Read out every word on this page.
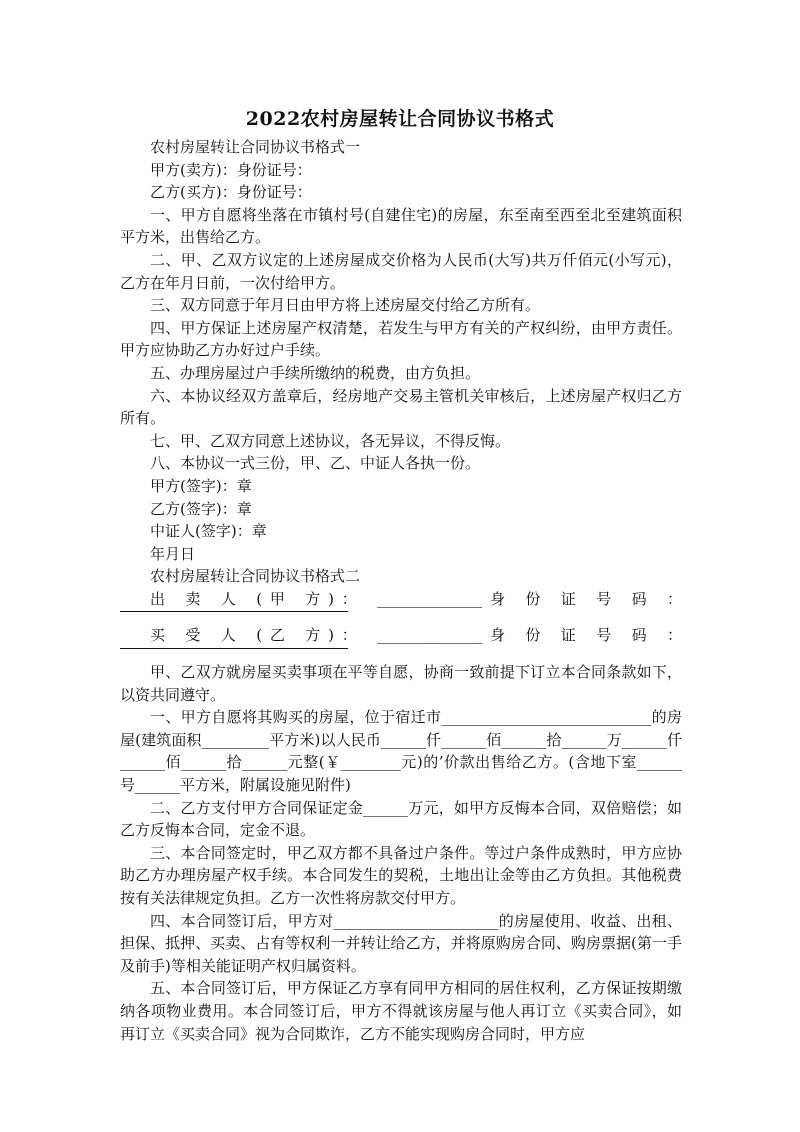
2022农村房屋转让合同协议书格式

农村房屋转让合同协议书格式一

甲方(卖方)：身份证号：

乙方(买方)：身份证号：

一、甲方自愿将坐落在市镇村号(自建住宅)的房屋，东至南至西至北至建筑面积平方米，出售给乙方。

二、甲、乙双方议定的上述房屋成交价格为人民币(大写)共万仟佰元(小写元)，乙方在年月日前，一次付给甲方。

三、双方同意于年月日由甲方将上述房屋交付给乙方所有。

四、甲方保证上述房屋产权清楚，若发生与甲方有关的产权纠纷，由甲方责任。甲方应协助乙方办好过户手续。

五、办理房屋过户手续所缴纳的税费，由方负担。

六、本协议经双方盖章后，经房地产交易主管机关审核后，上述房屋产权归乙方所有。

七、甲、乙双方同意上述协议，各无异议，不得反悔。

八、本协议一式三份，甲、乙、中证人各执一份。

甲方(签字)：章

乙方(签字)：章

中证人(签字)：章

年月日

农村房屋转让合同协议书格式二

出 卖 人 (甲 方)： ______________身 份 证 号 码 ：

买 受 人 (乙 方)： ______________身 份 证 号 码 ：

甲、乙双方就房屋买卖事项在平等自愿，协商一致前提下订立本合同条款如下，以资共同遵守。

一、甲方自愿将其购买的房屋，位于宿迁市____________________________的房屋(建筑面积_________平方米)以人民币______仟______佰______拾______万______仟______佰______拾______元整(￥________元)的’价款出售给乙方。(含地下室______号______平方米，附属设施见附件)

二、乙方支付甲方合同保证定金______万元，如甲方反悔本合同，双倍赔偿；如乙方反悔本合同，定金不退。

三、本合同签定时，甲乙双方都不具备过户条件。等过户条件成熟时，甲方应协助乙方办理房屋产权手续。本合同发生的契税，土地出让金等由乙方负担。其他税费按有关法律规定负担。乙方一次性将房款交付甲方。

四、本合同签订后，甲方对______________________的房屋使用、收益、出租、担保、抵押、买卖、占有等权利一并转让给乙方，并将原购房合同、购房票据(第一手及前手)等相关能证明产权归属资料。

五、本合同签订后，甲方保证乙方享有同甲方相同的居住权利，乙方保证按期缴纳各项物业费用。本合同签订后，甲方不得就该房屋与他人再订立《买卖合同》，如再订立《买卖合同》视为合同欺诈，乙方不能实现购房合同时，甲方应
